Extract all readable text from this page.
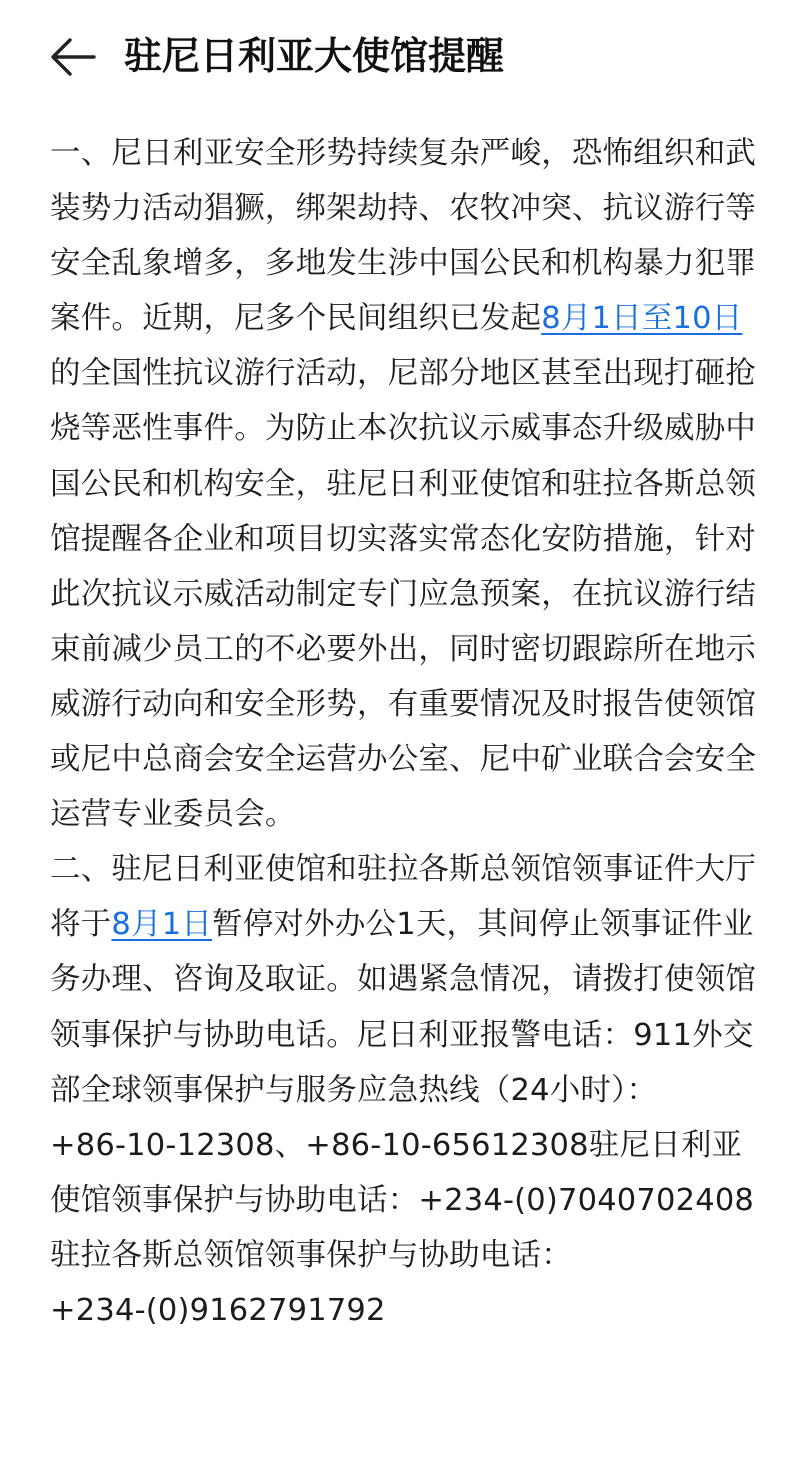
驻尼日利亚大使馆提醒

一、尼日利亚安全形势持续复杂严峻，恐怖组织和武装势力活动猖獗，绑架劫持、农牧冲突、抗议游行等安全乱象增多，多地发生涉中国公民和机构暴力犯罪案件。近期，尼多个民间组织已发起8月1日至10日的全国性抗议游行活动，尼部分地区甚至出现打砸抢烧等恶性事件。为防止本次抗议示威事态升级威胁中国公民和机构安全，驻尼日利亚使馆和驻拉各斯总领馆提醒各企业和项目切实落实常态化安防措施，针对此次抗议示威活动制定专门应急预案，在抗议游行结束前减少员工的不必要外出，同时密切跟踪所在地示威游行动向和安全形势，有重要情况及时报告使领馆或尼中总商会安全运营办公室、尼中矿业联合会安全运营专业委员会。

二、驻尼日利亚使馆和驻拉各斯总领馆领事证件大厅将于8月1日暂停对外办公1天，其间停止领事证件业务办理、咨询及取证。如遇紧急情况，请拨打使领馆领事保护与协助电话。尼日利亚报警电话：911外交部全球领事保护与服务应急热线（24小时）：

+86-10-12308、+86-10-65612308驻尼日利亚使馆领事保护与协助电话：+234-(0)7040702408 驻拉各斯总领馆领事保护与协助电话：+234-(0)9162791792
